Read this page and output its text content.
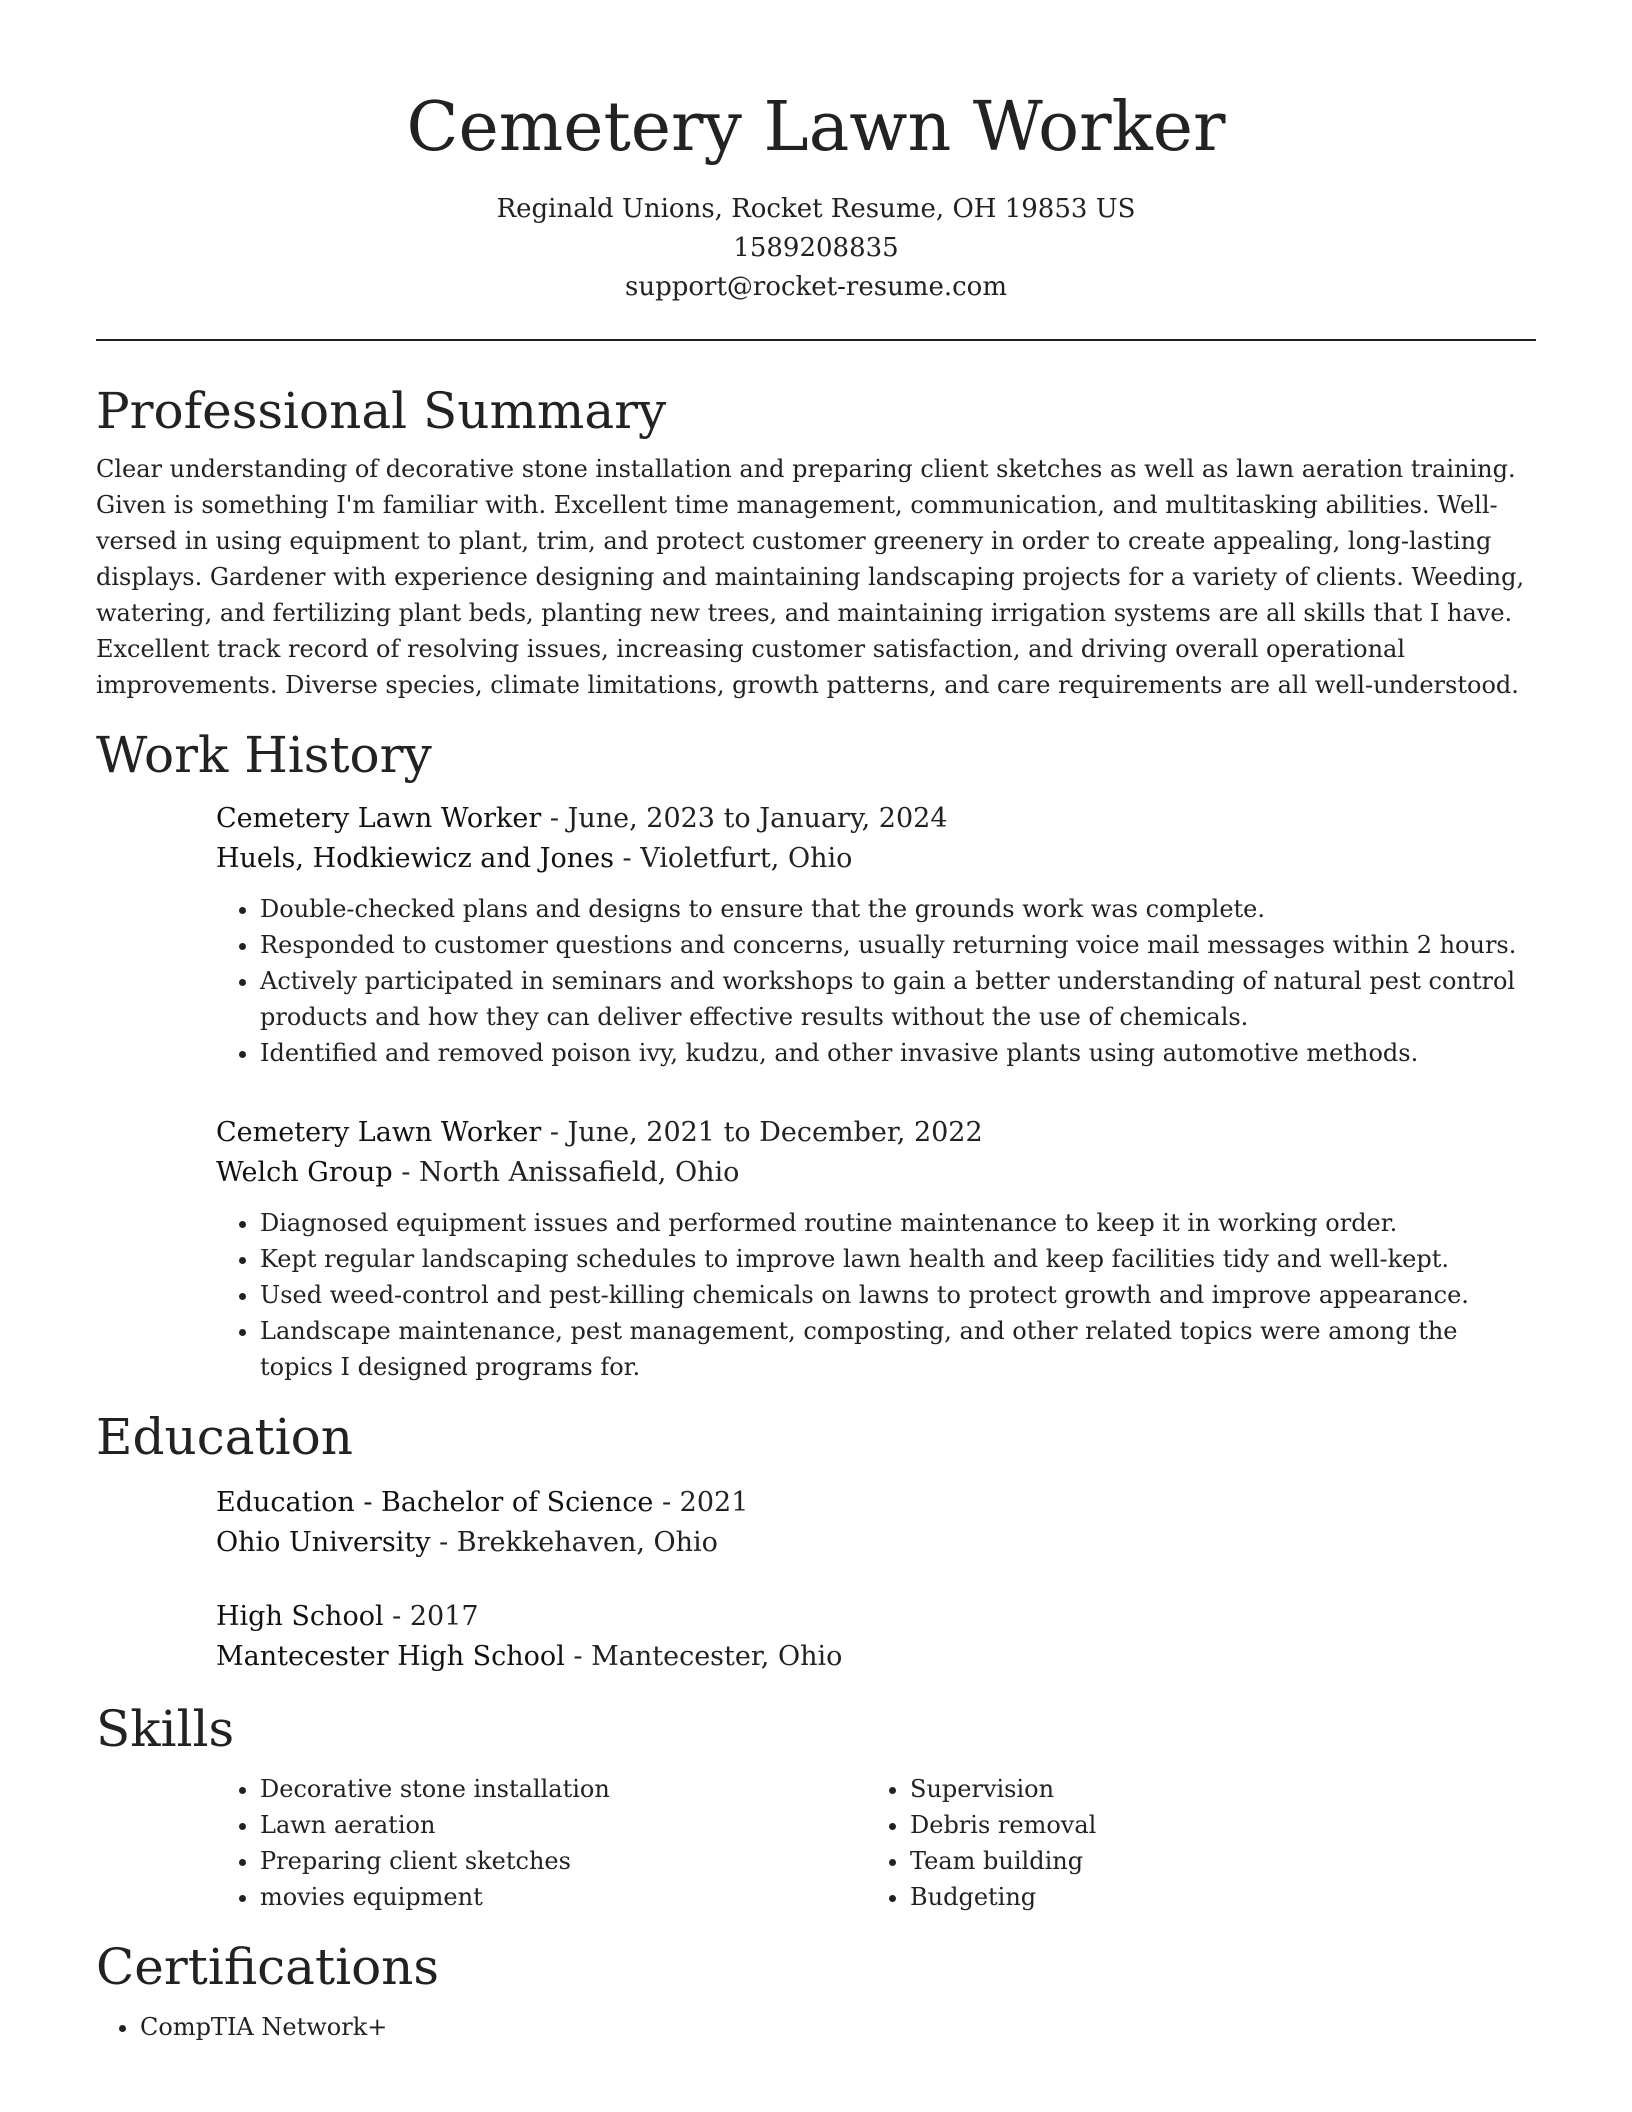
Cemetery Lawn Worker
Reginald Unions, Rocket Resume, OH 19853 US
1589208835
support@rocket-resume.com
Professional Summary

Clear understanding of decorative stone installation and preparing client sketches as well as lawn aeration training. Given is something I'm familiar with. Excellent time management, communication, and multitasking abilities. Well-versed in using equipment to plant, trim, and protect customer greenery in order to create appealing, long-lasting displays. Gardener with experience designing and maintaining landscaping projects for a variety of clients. Weeding, watering, and fertilizing plant beds, planting new trees, and maintaining irrigation systems are all skills that I have. Excellent track record of resolving issues, increasing customer satisfaction, and driving overall operational improvements. Diverse species, climate limitations, growth patterns, and care requirements are all well-understood.

Work History
Cemetery Lawn Worker - June, 2023 to January, 2024
Huels, Hodkiewicz and Jones - Violetfurt, Ohio
• Double-checked plans and designs to ensure that the grounds work was complete.
• Responded to customer questions and concerns, usually returning voice mail messages within 2 hours.
• Actively participated in seminars and workshops to gain a better understanding of natural pest control products and how they can deliver effective results without the use of chemicals.
• Identified and removed poison ivy, kudzu, and other invasive plants using automotive methods.
Cemetery Lawn Worker - June, 2021 to December, 2022
Welch Group - North Anissafield, Ohio
• Diagnosed equipment issues and performed routine maintenance to keep it in working order.
• Kept regular landscaping schedules to improve lawn health and keep facilities tidy and well-kept.
• Used weed-control and pest-killing chemicals on lawns to protect growth and improve appearance.
• Landscape maintenance, pest management, composting, and other related topics were among the topics I designed programs for.
Education
Education - Bachelor of Science - 2021
Ohio University - Brekkehaven, Ohio
High School - 2017
Mantecester High School - Mantecester, Ohio
Skills
• Decorative stone installation
• Lawn aeration
• Preparing client sketches
• movies equipment
• Supervision
• Debris removal
• Team building
• Budgeting
Certifications
• CompTIA Network+
